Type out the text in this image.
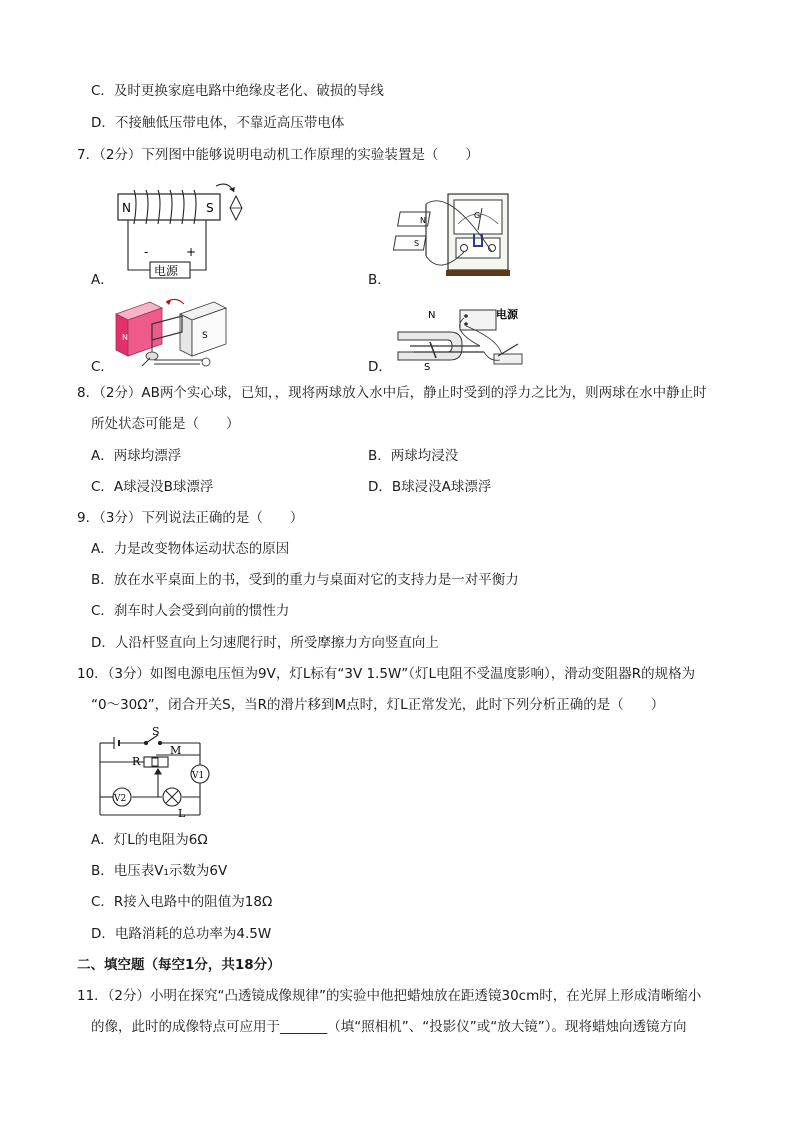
C．及时更换家庭电路中绝缘皮老化、破损的导线
D．不接触低压带电体，不靠近高压带电体
7．（2分）下列图中能够说明电动机工作原理的实验装置是（　　）
A．
N	S
-	+
电源
B．
G
N
S
C．
N	S
D．
N
S
电源
8．（2分）AB两个实心球，已知，，现将两球放入水中后，静止时受到的浮力之比为，则两球在水中静止时
所处状态可能是（　　）
A．两球均漂浮	B．两球均浸没
C．A球浸没B球漂浮	D．B球浸没A球漂浮
9．（3分）下列说法正确的是（　　）
A．力是改变物体运动状态的原因
B．放在水平桌面上的书，受到的重力与桌面对它的支持力是一对平衡力
C．刹车时人会受到向前的惯性力
D．人沿杆竖直向上匀速爬行时，所受摩擦力方向竖直向上
10．（3分）如图电源电压恒为9V，灯L标有“3V 1.5W”（灯L电阻不受温度影响），滑动变阻器R的规格为
“0～30Ω”，闭合开关S，当R的滑片移到M点时，灯L正常发光，此时下列分析正确的是（　　）
S
M
R
V1
V2
L
A．灯L的电阻为6Ω
B．电压表V₁示数为6V
C．R接入电路中的阻值为18Ω
D．电路消耗的总功率为4.5W
二、填空题（每空1分，共18分）
11．（2分）小明在探究“凸透镜成像规律”的实验中他把蜡烛放在距透镜30cm时，在光屏上形成清晰缩小
的像，此时的成像特点可应用于_______（填“照相机”、“投影仪”或“放大镜”）。现将蜡烛向透镜方向
